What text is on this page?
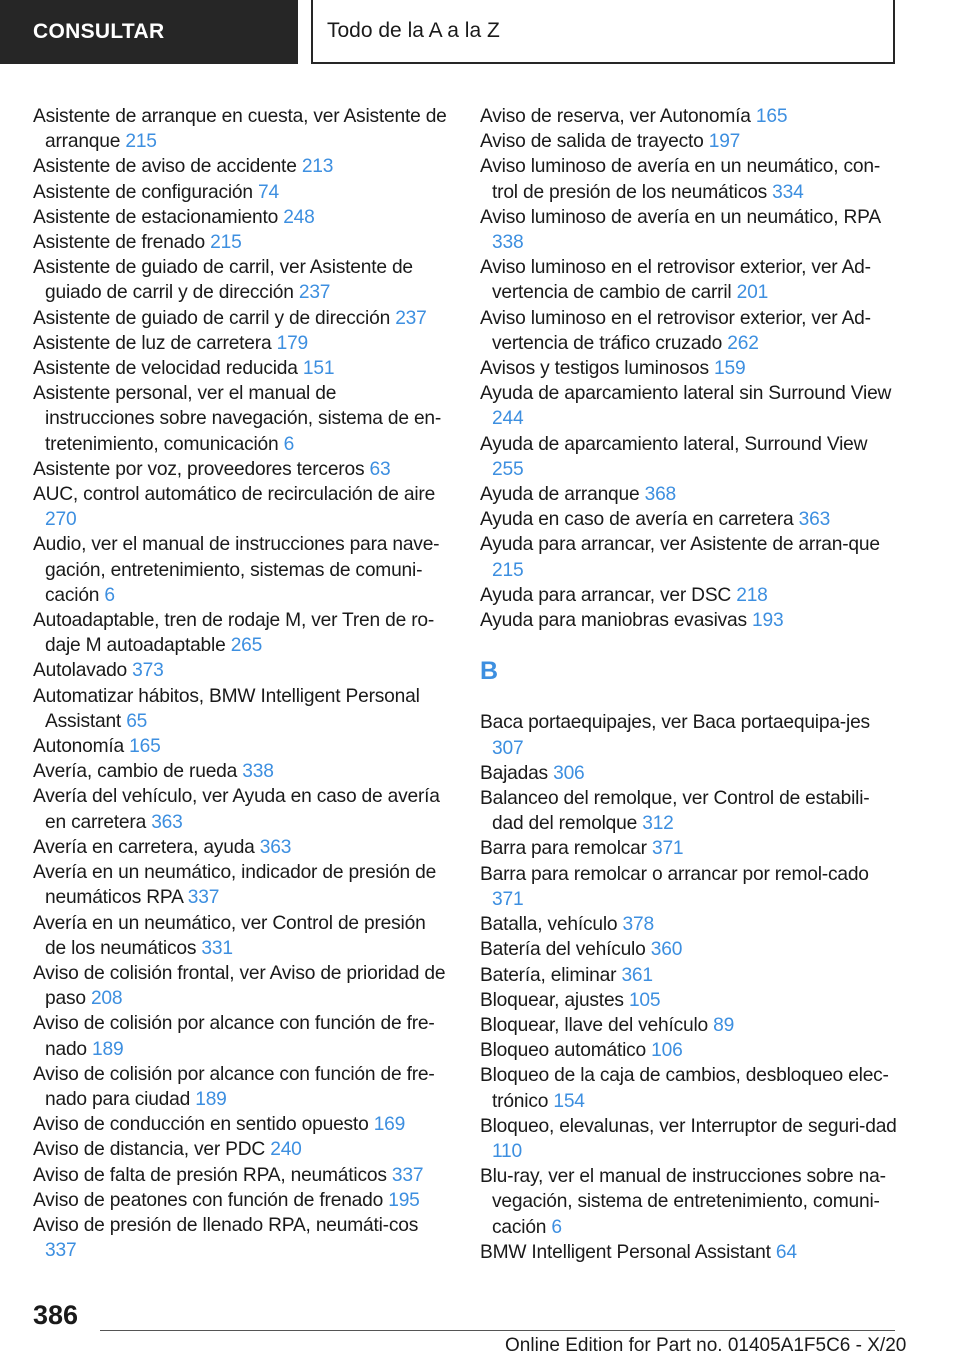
CONSULTAR	Todo de la A a la Z
Asistente de arranque en cuesta, ver Asistente de arranque 215
Asistente de aviso de accidente 213
Asistente de configuración 74
Asistente de estacionamiento 248
Asistente de frenado 215
Asistente de guiado de carril, ver Asistente de guiado de carril y de dirección 237
Asistente de guiado de carril y de dirección 237
Asistente de luz de carretera 179
Asistente de velocidad reducida 151
Asistente personal, ver el manual de instrucciones sobre navegación, sistema de en-tretenimiento, comunicación 6
Asistente por voz, proveedores terceros 63
AUC, control automático de recirculación de aire 270
Audio, ver el manual de instrucciones para nave-gación, entretenimiento, sistemas de comuni-cación 6
Autoadaptable, tren de rodaje M, ver Tren de ro-daje M autoadaptable 265
Autolavado 373
Automatizar hábitos, BMW Intelligent Personal Assistant 65
Autonomía 165
Avería, cambio de rueda 338
Avería del vehículo, ver Ayuda en caso de avería en carretera 363
Avería en carretera, ayuda 363
Avería en un neumático, indicador de presión de neumáticos RPA 337
Avería en un neumático, ver Control de presión de los neumáticos 331
Aviso de colisión frontal, ver Aviso de prioridad de paso 208
Aviso de colisión por alcance con función de fre-nado 189
Aviso de colisión por alcance con función de fre-nado para ciudad 189
Aviso de conducción en sentido opuesto 169
Aviso de distancia, ver PDC 240
Aviso de falta de presión RPA, neumáticos 337
Aviso de peatones con función de frenado 195
Aviso de presión de llenado RPA, neumáti-cos 337
Aviso de reserva, ver Autonomía 165
Aviso de salida de trayecto 197
Aviso luminoso de avería en un neumático, con-trol de presión de los neumáticos 334
Aviso luminoso de avería en un neumático, RPA 338
Aviso luminoso en el retrovisor exterior, ver Ad-vertencia de cambio de carril 201
Aviso luminoso en el retrovisor exterior, ver Ad-vertencia de tráfico cruzado 262
Avisos y testigos luminosos 159
Ayuda de aparcamiento lateral sin Surround View 244
Ayuda de aparcamiento lateral, Surround View 255
Ayuda de arranque 368
Ayuda en caso de avería en carretera 363
Ayuda para arrancar, ver Asistente de arran-que 215
Ayuda para arrancar, ver DSC 218
Ayuda para maniobras evasivas 193
B
Baca portaequipajes, ver Baca portaequipa-jes 307
Bajadas 306
Balanceo del remolque, ver Control de estabili-dad del remolque 312
Barra para remolcar 371
Barra para remolcar o arrancar por remol-cado 371
Batalla, vehículo 378
Batería del vehículo 360
Batería, eliminar 361
Bloquear, ajustes 105
Bloquear, llave del vehículo 89
Bloqueo automático 106
Bloqueo de la caja de cambios, desbloqueo elec-trónico 154
Bloqueo, elevalunas, ver Interruptor de seguri-dad 110
Blu-ray, ver el manual de instrucciones sobre na-vegación, sistema de entretenimiento, comuni-cación 6
BMW Intelligent Personal Assistant 64
386
Online Edition for Part no. 01405A1F5C6 - X/20
